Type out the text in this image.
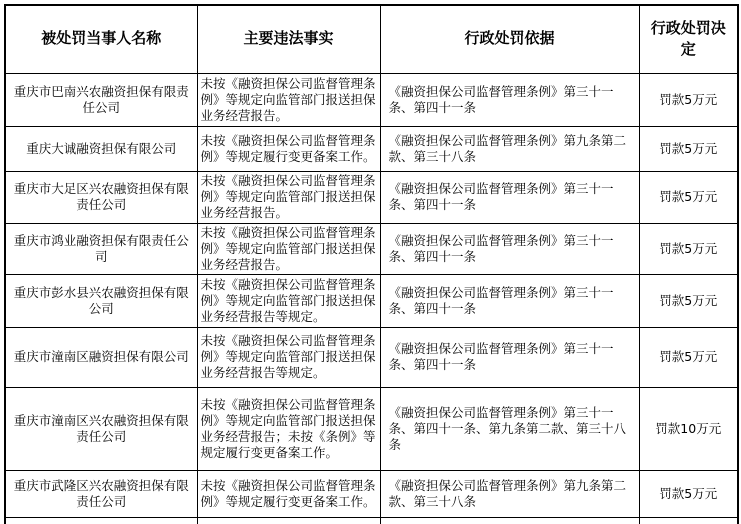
被处罚当事人名称	主要违法事实	行政处罚依据	行政处罚决定
重庆市巴南兴农融资担保有限责任公司	未按《融资担保公司监督管理条例》等规定向监管部门报送担保业务经营报告。	《融资担保公司监督管理条例》第三十一条、第四十一条	罚款5万元
重庆大诚融资担保有限公司	未按《融资担保公司监督管理条例》等规定履行变更备案工作。	《融资担保公司监督管理条例》第九条第二款、第三十八条	罚款5万元
重庆市大足区兴农融资担保有限责任公司	未按《融资担保公司监督管理条例》等规定向监管部门报送担保业务经营报告。	《融资担保公司监督管理条例》第三十一条、第四十一条	罚款5万元
重庆市鸿业融资担保有限责任公司	未按《融资担保公司监督管理条例》等规定向监管部门报送担保业务经营报告。	《融资担保公司监督管理条例》第三十一条、第四十一条	罚款5万元
重庆市彭水县兴农融资担保有限公司	未按《融资担保公司监督管理条例》等规定向监管部门报送担保业务经营报告等规定。	《融资担保公司监督管理条例》第三十一条、第四十一条	罚款5万元
重庆市潼南区融资担保有限公司	未按《融资担保公司监督管理条例》等规定向监管部门报送担保业务经营报告等规定。	《融资担保公司监督管理条例》第三十一条、第四十一条	罚款5万元
重庆市潼南区兴农融资担保有限责任公司	未按《融资担保公司监督管理条例》等规定向监管部门报送担保业务经营报告；未按《条例》等规定履行变更备案工作。	《融资担保公司监督管理条例》第三十一条、第四十一条、第九条第二款、第三十八条	罚款10万元
重庆市武隆区兴农融资担保有限责任公司	未按《融资担保公司监督管理条例》等规定履行变更备案工作。	《融资担保公司监督管理条例》第九条第二款、第三十八条	罚款5万元
